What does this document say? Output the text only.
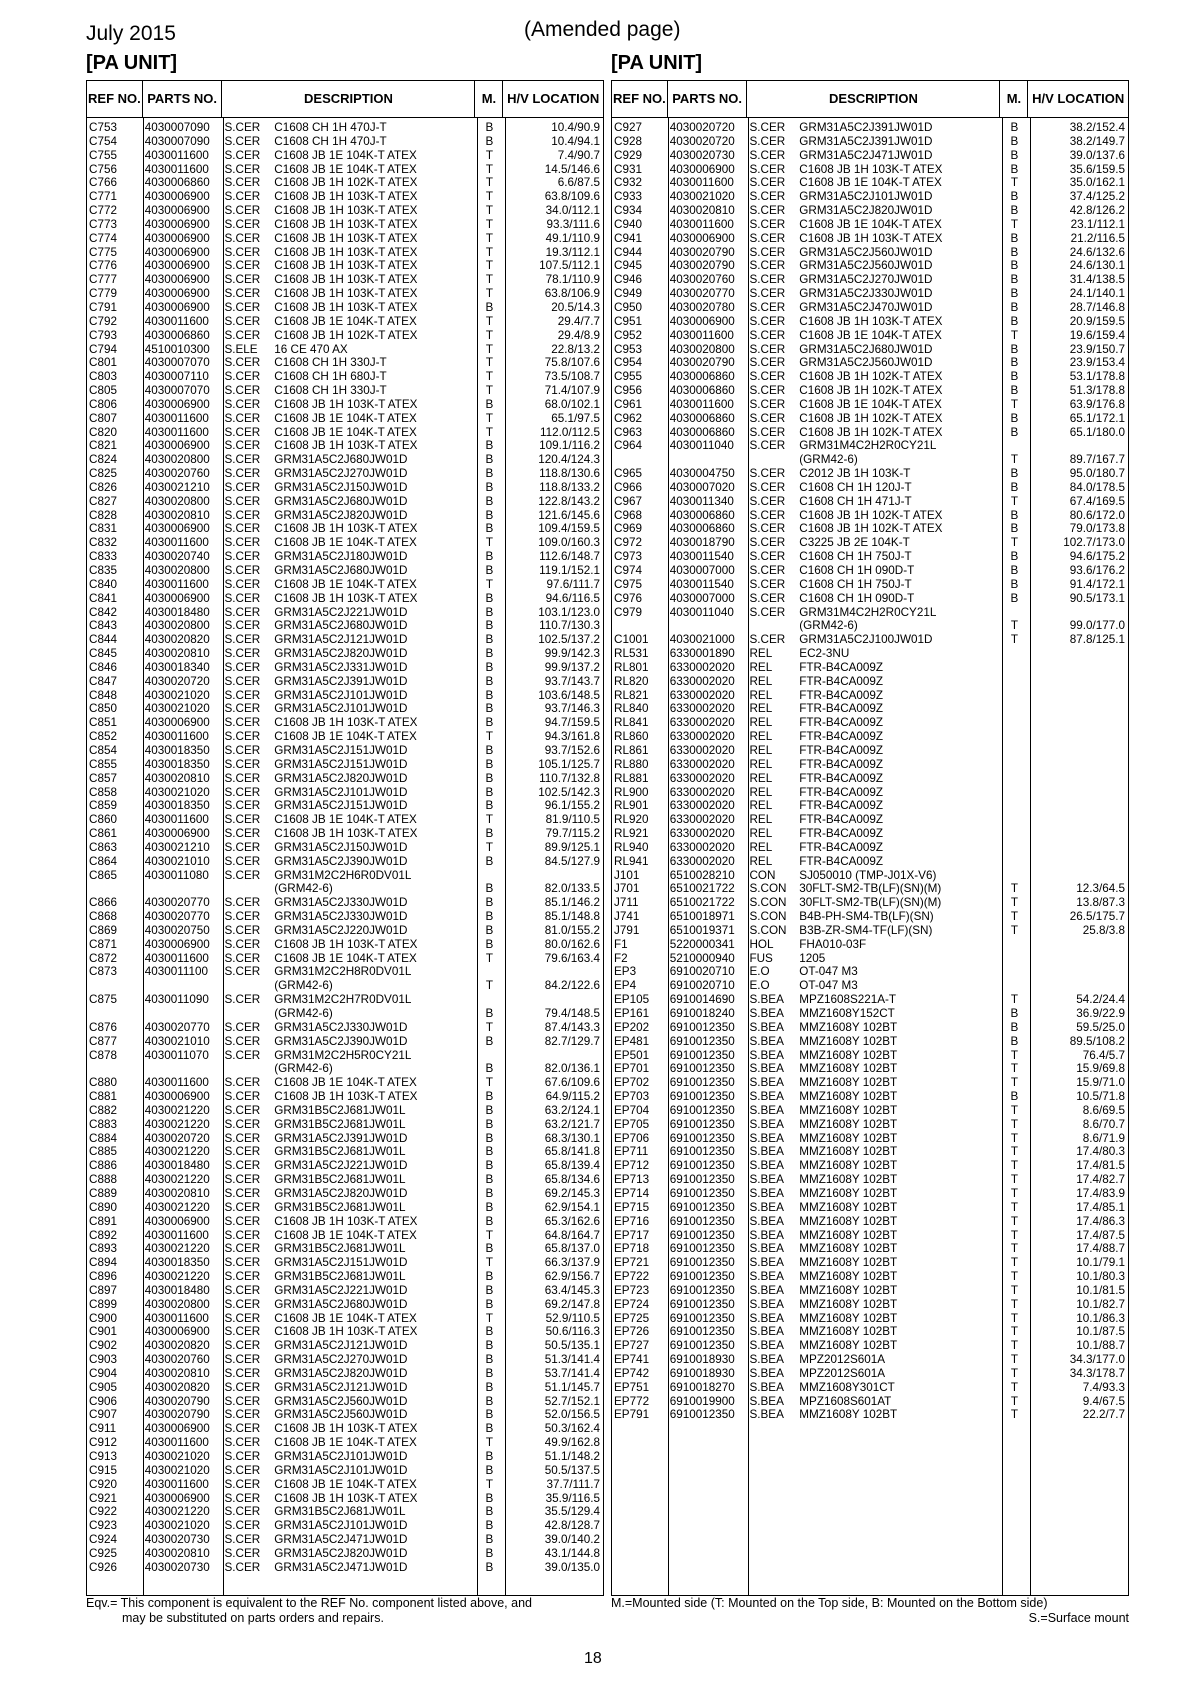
July 2015	(Amended page)
[PA UNIT]	[PA UNIT]
REF NO. PARTS NO.	DESCRIPTION	M. H/V LOCATION
C753	4030007090	S.CER	C1608 CH 1H 470J-T	B	10.4/90.9
C754	4030007090	S.CER	C1608 CH 1H 470J-T	B	10.4/94.1
C755	4030011600	S.CER	C1608 JB 1E 104K-T ATEX	T	7.4/90.7
C756	4030011600	S.CER	C1608 JB 1E 104K-T ATEX	T	14.5/146.6
C766	4030006860	S.CER	C1608 JB 1H 102K-T ATEX	T	6.6/87.5
C771	4030006900	S.CER	C1608 JB 1H 103K-T ATEX	T	63.8/109.6
C772	4030006900	S.CER	C1608 JB 1H 103K-T ATEX	T	34.0/112.1
C773	4030006900	S.CER	C1608 JB 1H 103K-T ATEX	T	93.3/111.6
C774	4030006900	S.CER	C1608 JB 1H 103K-T ATEX	T	49.1/110.9
C775	4030006900	S.CER	C1608 JB 1H 103K-T ATEX	T	19.3/112.1
C776	4030006900	S.CER	C1608 JB 1H 103K-T ATEX	T	107.5/112.1
C777	4030006900	S.CER	C1608 JB 1H 103K-T ATEX	T	78.1/110.9
C779	4030006900	S.CER	C1608 JB 1H 103K-T ATEX	T	63.8/106.9
C791	4030006900	S.CER	C1608 JB 1H 103K-T ATEX	B	20.5/14.3
C792	4030011600	S.CER	C1608 JB 1E 104K-T ATEX	T	29.4/7.7
C793	4030006860	S.CER	C1608 JB 1H 102K-T ATEX	T	29.4/8.9
C794	4510010300	S.ELE	16 CE 470 AX	T	22.8/13.2
C801	4030007070	S.CER	C1608 CH 1H 330J-T	T	75.8/107.6
C803	4030007110	S.CER	C1608 CH 1H 680J-T	T	73.5/108.7
C805	4030007070	S.CER	C1608 CH 1H 330J-T	T	71.4/107.9
C806	4030006900	S.CER	C1608 JB 1H 103K-T ATEX	B	68.0/102.1
C807	4030011600	S.CER	C1608 JB 1E 104K-T ATEX	T	65.1/97.5
C820	4030011600	S.CER	C1608 JB 1E 104K-T ATEX	T	112.0/112.5
C821	4030006900	S.CER	C1608 JB 1H 103K-T ATEX	B	109.1/116.2
C824	4030020800	S.CER	GRM31A5C2J680JW01D	B	120.4/124.3
C825	4030020760	S.CER	GRM31A5C2J270JW01D	B	118.8/130.6
C826	4030021210	S.CER	GRM31A5C2J150JW01D	B	118.8/133.2
C827	4030020800	S.CER	GRM31A5C2J680JW01D	B	122.8/143.2
C828	4030020810	S.CER	GRM31A5C2J820JW01D	B	121.6/145.6
C831	4030006900	S.CER	C1608 JB 1H 103K-T ATEX	B	109.4/159.5
C832	4030011600	S.CER	C1608 JB 1E 104K-T ATEX	T	109.0/160.3
C833	4030020740	S.CER	GRM31A5C2J180JW01D	B	112.6/148.7
C835	4030020800	S.CER	GRM31A5C2J680JW01D	B	119.1/152.1
C840	4030011600	S.CER	C1608 JB 1E 104K-T ATEX	T	97.6/111.7
C841	4030006900	S.CER	C1608 JB 1H 103K-T ATEX	B	94.6/116.5
C842	4030018480	S.CER	GRM31A5C2J221JW01D	B	103.1/123.0
C843	4030020800	S.CER	GRM31A5C2J680JW01D	B	110.7/130.3
C844	4030020820	S.CER	GRM31A5C2J121JW01D	B	102.5/137.2
C845	4030020810	S.CER	GRM31A5C2J820JW01D	B	99.9/142.3
C846	4030018340	S.CER	GRM31A5C2J331JW01D	B	99.9/137.2
C847	4030020720	S.CER	GRM31A5C2J391JW01D	B	93.7/143.7
C848	4030021020	S.CER	GRM31A5C2J101JW01D	B	103.6/148.5
C850	4030021020	S.CER	GRM31A5C2J101JW01D	B	93.7/146.3
C851	4030006900	S.CER	C1608 JB 1H 103K-T ATEX	B	94.7/159.5
C852	4030011600	S.CER	C1608 JB 1E 104K-T ATEX	T	94.3/161.8
C854	4030018350	S.CER	GRM31A5C2J151JW01D	B	93.7/152.6
C855	4030018350	S.CER	GRM31A5C2J151JW01D	B	105.1/125.7
C857	4030020810	S.CER	GRM31A5C2J820JW01D	B	110.7/132.8
C858	4030021020	S.CER	GRM31A5C2J101JW01D	B	102.5/142.3
C859	4030018350	S.CER	GRM31A5C2J151JW01D	B	96.1/155.2
C860	4030011600	S.CER	C1608 JB 1E 104K-T ATEX	T	81.9/110.5
C861	4030006900	S.CER	C1608 JB 1H 103K-T ATEX	B	79.7/115.2
C863	4030021210	S.CER	GRM31A5C2J150JW01D	T	89.9/125.1
C864	4030021010	S.CER	GRM31A5C2J390JW01D	B	84.5/127.9
C865	4030011080	S.CER	GRM31M2C2H6R0DV01L
(GRM42-6)	B	82.0/133.5
C866	4030020770	S.CER	GRM31A5C2J330JW01D	B	85.1/146.2
C868	4030020770	S.CER	GRM31A5C2J330JW01D	B	85.1/148.8
C869	4030020750	S.CER	GRM31A5C2J220JW01D	B	81.0/155.2
C871	4030006900	S.CER	C1608 JB 1H 103K-T ATEX	B	80.0/162.6
C872	4030011600	S.CER	C1608 JB 1E 104K-T ATEX	T	79.6/163.4
C873	4030011100	S.CER	GRM31M2C2H8R0DV01L
(GRM42-6)	T	84.2/122.6
C875	4030011090	S.CER	GRM31M2C2H7R0DV01L
(GRM42-6)	B	79.4/148.5
C876	4030020770	S.CER	GRM31A5C2J330JW01D	T	87.4/143.3
C877	4030021010	S.CER	GRM31A5C2J390JW01D	B	82.7/129.7
C878	4030011070	S.CER	GRM31M2C2H5R0CY21L
(GRM42-6)	B	82.0/136.1
C880	4030011600	S.CER	C1608 JB 1E 104K-T ATEX	T	67.6/109.6
C881	4030006900	S.CER	C1608 JB 1H 103K-T ATEX	B	64.9/115.2
C882	4030021220	S.CER	GRM31B5C2J681JW01L	B	63.2/124.1
C883	4030021220	S.CER	GRM31B5C2J681JW01L	B	63.2/121.7
C884	4030020720	S.CER	GRM31A5C2J391JW01D	B	68.3/130.1
C885	4030021220	S.CER	GRM31B5C2J681JW01L	B	65.8/141.8
C886	4030018480	S.CER	GRM31A5C2J221JW01D	B	65.8/139.4
C888	4030021220	S.CER	GRM31B5C2J681JW01L	B	65.8/134.6
C889	4030020810	S.CER	GRM31A5C2J820JW01D	B	69.2/145.3
C890	4030021220	S.CER	GRM31B5C2J681JW01L	B	62.9/154.1
C891	4030006900	S.CER	C1608 JB 1H 103K-T ATEX	B	65.3/162.6
C892	4030011600	S.CER	C1608 JB 1E 104K-T ATEX	T	64.8/164.7
C893	4030021220	S.CER	GRM31B5C2J681JW01L	B	65.8/137.0
C894	4030018350	S.CER	GRM31A5C2J151JW01D	T	66.3/137.9
C896	4030021220	S.CER	GRM31B5C2J681JW01L	B	62.9/156.7
C897	4030018480	S.CER	GRM31A5C2J221JW01D	B	63.4/145.3
C899	4030020800	S.CER	GRM31A5C2J680JW01D	B	69.2/147.8
C900	4030011600	S.CER	C1608 JB 1E 104K-T ATEX	T	52.9/110.5
C901	4030006900	S.CER	C1608 JB 1H 103K-T ATEX	B	50.6/116.3
C902	4030020820	S.CER	GRM31A5C2J121JW01D	B	50.5/135.1
C903	4030020760	S.CER	GRM31A5C2J270JW01D	B	51.3/141.4
C904	4030020810	S.CER	GRM31A5C2J820JW01D	B	53.7/141.4
C905	4030020820	S.CER	GRM31A5C2J121JW01D	B	51.1/145.7
C906	4030020790	S.CER	GRM31A5C2J560JW01D	B	52.7/152.1
C907	4030020790	S.CER	GRM31A5C2J560JW01D	B	52.0/156.5
C911	4030006900	S.CER	C1608 JB 1H 103K-T ATEX	B	50.3/162.4
C912	4030011600	S.CER	C1608 JB 1E 104K-T ATEX	T	49.9/162.8
C913	4030021020	S.CER	GRM31A5C2J101JW01D	B	51.1/148.2
C915	4030021020	S.CER	GRM31A5C2J101JW01D	B	50.5/137.5
C920	4030011600	S.CER	C1608 JB 1E 104K-T ATEX	T	37.7/111.7
C921	4030006900	S.CER	C1608 JB 1H 103K-T ATEX	B	35.9/116.5
C922	4030021220	S.CER	GRM31B5C2J681JW01L	B	35.5/129.4
C923	4030021020	S.CER	GRM31A5C2J101JW01D	B	42.8/128.7
C924	4030020730	S.CER	GRM31A5C2J471JW01D	B	39.0/140.2
C925	4030020810	S.CER	GRM31A5C2J820JW01D	B	43.1/144.8
C926	4030020730	S.CER	GRM31A5C2J471JW01D	B	39.0/135.0
REF NO. PARTS NO.	DESCRIPTION	M. H/V LOCATION
C927	4030020720	S.CER	GRM31A5C2J391JW01D	B	38.2/152.4
C928	4030020720	S.CER	GRM31A5C2J391JW01D	B	38.2/149.7
C929	4030020730	S.CER	GRM31A5C2J471JW01D	B	39.0/137.6
C931	4030006900	S.CER	C1608 JB 1H 103K-T ATEX	B	35.6/159.5
C932	4030011600	S.CER	C1608 JB 1E 104K-T ATEX	T	35.0/162.1
C933	4030021020	S.CER	GRM31A5C2J101JW01D	B	37.4/125.2
C934	4030020810	S.CER	GRM31A5C2J820JW01D	B	42.8/126.2
C940	4030011600	S.CER	C1608 JB 1E 104K-T ATEX	T	23.1/112.1
C941	4030006900	S.CER	C1608 JB 1H 103K-T ATEX	B	21.2/116.5
C944	4030020790	S.CER	GRM31A5C2J560JW01D	B	24.6/132.6
C945	4030020790	S.CER	GRM31A5C2J560JW01D	B	24.6/130.1
C946	4030020760	S.CER	GRM31A5C2J270JW01D	B	31.4/138.5
C949	4030020770	S.CER	GRM31A5C2J330JW01D	B	24.1/140.1
C950	4030020780	S.CER	GRM31A5C2J470JW01D	B	28.7/146.8
C951	4030006900	S.CER	C1608 JB 1H 103K-T ATEX	B	20.9/159.5
C952	4030011600	S.CER	C1608 JB 1E 104K-T ATEX	T	19.6/159.4
C953	4030020800	S.CER	GRM31A5C2J680JW01D	B	23.9/150.7
C954	4030020790	S.CER	GRM31A5C2J560JW01D	B	23.9/153.4
C955	4030006860	S.CER	C1608 JB 1H 102K-T ATEX	B	53.1/178.8
C956	4030006860	S.CER	C1608 JB 1H 102K-T ATEX	B	51.3/178.8
C961	4030011600	S.CER	C1608 JB 1E 104K-T ATEX	T	63.9/176.8
C962	4030006860	S.CER	C1608 JB 1H 102K-T ATEX	B	65.1/172.1
C963	4030006860	S.CER	C1608 JB 1H 102K-T ATEX	B	65.1/180.0
C964	4030011040	S.CER	GRM31M4C2H2R0CY21L
(GRM42-6)	T	89.7/167.7
C965	4030004750	S.CER	C2012 JB 1H 103K-T	B	95.0/180.7
C966	4030007020	S.CER	C1608 CH 1H 120J-T	B	84.0/178.5
C967	4030011340	S.CER	C1608 CH 1H 471J-T	T	67.4/169.5
C968	4030006860	S.CER	C1608 JB 1H 102K-T ATEX	B	80.6/172.0
C969	4030006860	S.CER	C1608 JB 1H 102K-T ATEX	B	79.0/173.8
C972	4030018790	S.CER	C3225 JB 2E 104K-T	T	102.7/173.0
C973	4030011540	S.CER	C1608 CH 1H 750J-T	B	94.6/175.2
C974	4030007000	S.CER	C1608 CH 1H 090D-T	B	93.6/176.2
C975	4030011540	S.CER	C1608 CH 1H 750J-T	B	91.4/172.1
C976	4030007000	S.CER	C1608 CH 1H 090D-T	B	90.5/173.1
C979	4030011040	S.CER	GRM31M4C2H2R0CY21L
(GRM42-6)	T	99.0/177.0
C1001	4030021000	S.CER	GRM31A5C2J100JW01D	T	87.8/125.1
RL531	6330001890	REL	EC2-3NU
RL801	6330002020	REL	FTR-B4CA009Z
RL820	6330002020	REL	FTR-B4CA009Z
RL821	6330002020	REL	FTR-B4CA009Z
RL840	6330002020	REL	FTR-B4CA009Z
RL841	6330002020	REL	FTR-B4CA009Z
RL860	6330002020	REL	FTR-B4CA009Z
RL861	6330002020	REL	FTR-B4CA009Z
RL880	6330002020	REL	FTR-B4CA009Z
RL881	6330002020	REL	FTR-B4CA009Z
RL900	6330002020	REL	FTR-B4CA009Z
RL901	6330002020	REL	FTR-B4CA009Z
RL920	6330002020	REL	FTR-B4CA009Z
RL921	6330002020	REL	FTR-B4CA009Z
RL940	6330002020	REL	FTR-B4CA009Z
RL941	6330002020	REL	FTR-B4CA009Z
J101	6510028210	CON	SJ050010 (TMP-J01X-V6)
J701	6510021722	S.CON	30FLT-SM2-TB(LF)(SN)(M)	T	12.3/64.5
J711	6510021722	S.CON	30FLT-SM2-TB(LF)(SN)(M)	T	13.8/87.3
J741	6510018971	S.CON	B4B-PH-SM4-TB(LF)(SN)	T	26.5/175.7
J791	6510019371	S.CON	B3B-ZR-SM4-TF(LF)(SN)	T	25.8/3.8
F1	5220000341	HOL	FHA010-03F
F2	5210000940	FUS	1205
EP3	6910020710	E.O	OT-047 M3
EP4	6910020710	E.O	OT-047 M3
EP105	6910014690	S.BEA	MPZ1608S221A-T	T	54.2/24.4
EP161	6910018240	S.BEA	MMZ1608Y152CT	B	36.9/22.9
EP202	6910012350	S.BEA	MMZ1608Y 102BT	B	59.5/25.0
EP481	6910012350	S.BEA	MMZ1608Y 102BT	B	89.5/108.2
EP501	6910012350	S.BEA	MMZ1608Y 102BT	T	76.4/5.7
EP701	6910012350	S.BEA	MMZ1608Y 102BT	T	15.9/69.8
EP702	6910012350	S.BEA	MMZ1608Y 102BT	T	15.9/71.0
EP703	6910012350	S.BEA	MMZ1608Y 102BT	B	10.5/71.8
EP704	6910012350	S.BEA	MMZ1608Y 102BT	T	8.6/69.5
EP705	6910012350	S.BEA	MMZ1608Y 102BT	T	8.6/70.7
EP706	6910012350	S.BEA	MMZ1608Y 102BT	T	8.6/71.9
EP711	6910012350	S.BEA	MMZ1608Y 102BT	T	17.4/80.3
EP712	6910012350	S.BEA	MMZ1608Y 102BT	T	17.4/81.5
EP713	6910012350	S.BEA	MMZ1608Y 102BT	T	17.4/82.7
EP714	6910012350	S.BEA	MMZ1608Y 102BT	T	17.4/83.9
EP715	6910012350	S.BEA	MMZ1608Y 102BT	T	17.4/85.1
EP716	6910012350	S.BEA	MMZ1608Y 102BT	T	17.4/86.3
EP717	6910012350	S.BEA	MMZ1608Y 102BT	T	17.4/87.5
EP718	6910012350	S.BEA	MMZ1608Y 102BT	T	17.4/88.7
EP721	6910012350	S.BEA	MMZ1608Y 102BT	T	10.1/79.1
EP722	6910012350	S.BEA	MMZ1608Y 102BT	T	10.1/80.3
EP723	6910012350	S.BEA	MMZ1608Y 102BT	T	10.1/81.5
EP724	6910012350	S.BEA	MMZ1608Y 102BT	T	10.1/82.7
EP725	6910012350	S.BEA	MMZ1608Y 102BT	T	10.1/86.3
EP726	6910012350	S.BEA	MMZ1608Y 102BT	T	10.1/87.5
EP727	6910012350	S.BEA	MMZ1608Y 102BT	T	10.1/88.7
EP741	6910018930	S.BEA	MPZ2012S601A	T	34.3/177.0
EP742	6910018930	S.BEA	MPZ2012S601A	T	34.3/178.7
EP751	6910018270	S.BEA	MMZ1608Y301CT	T	7.4/93.3
EP772	6910019900	S.BEA	MPZ1608S601AT	T	9.4/67.5
EP791	6910012350	S.BEA	MMZ1608Y 102BT	T	22.2/7.7
Eqv.= This component is equivalent to the REF No. component listed above, and
may be substituted on parts orders and repairs.
M.=Mounted side (T: Mounted on the Top side, B: Mounted on the Bottom side)
S.=Surface mount
18
